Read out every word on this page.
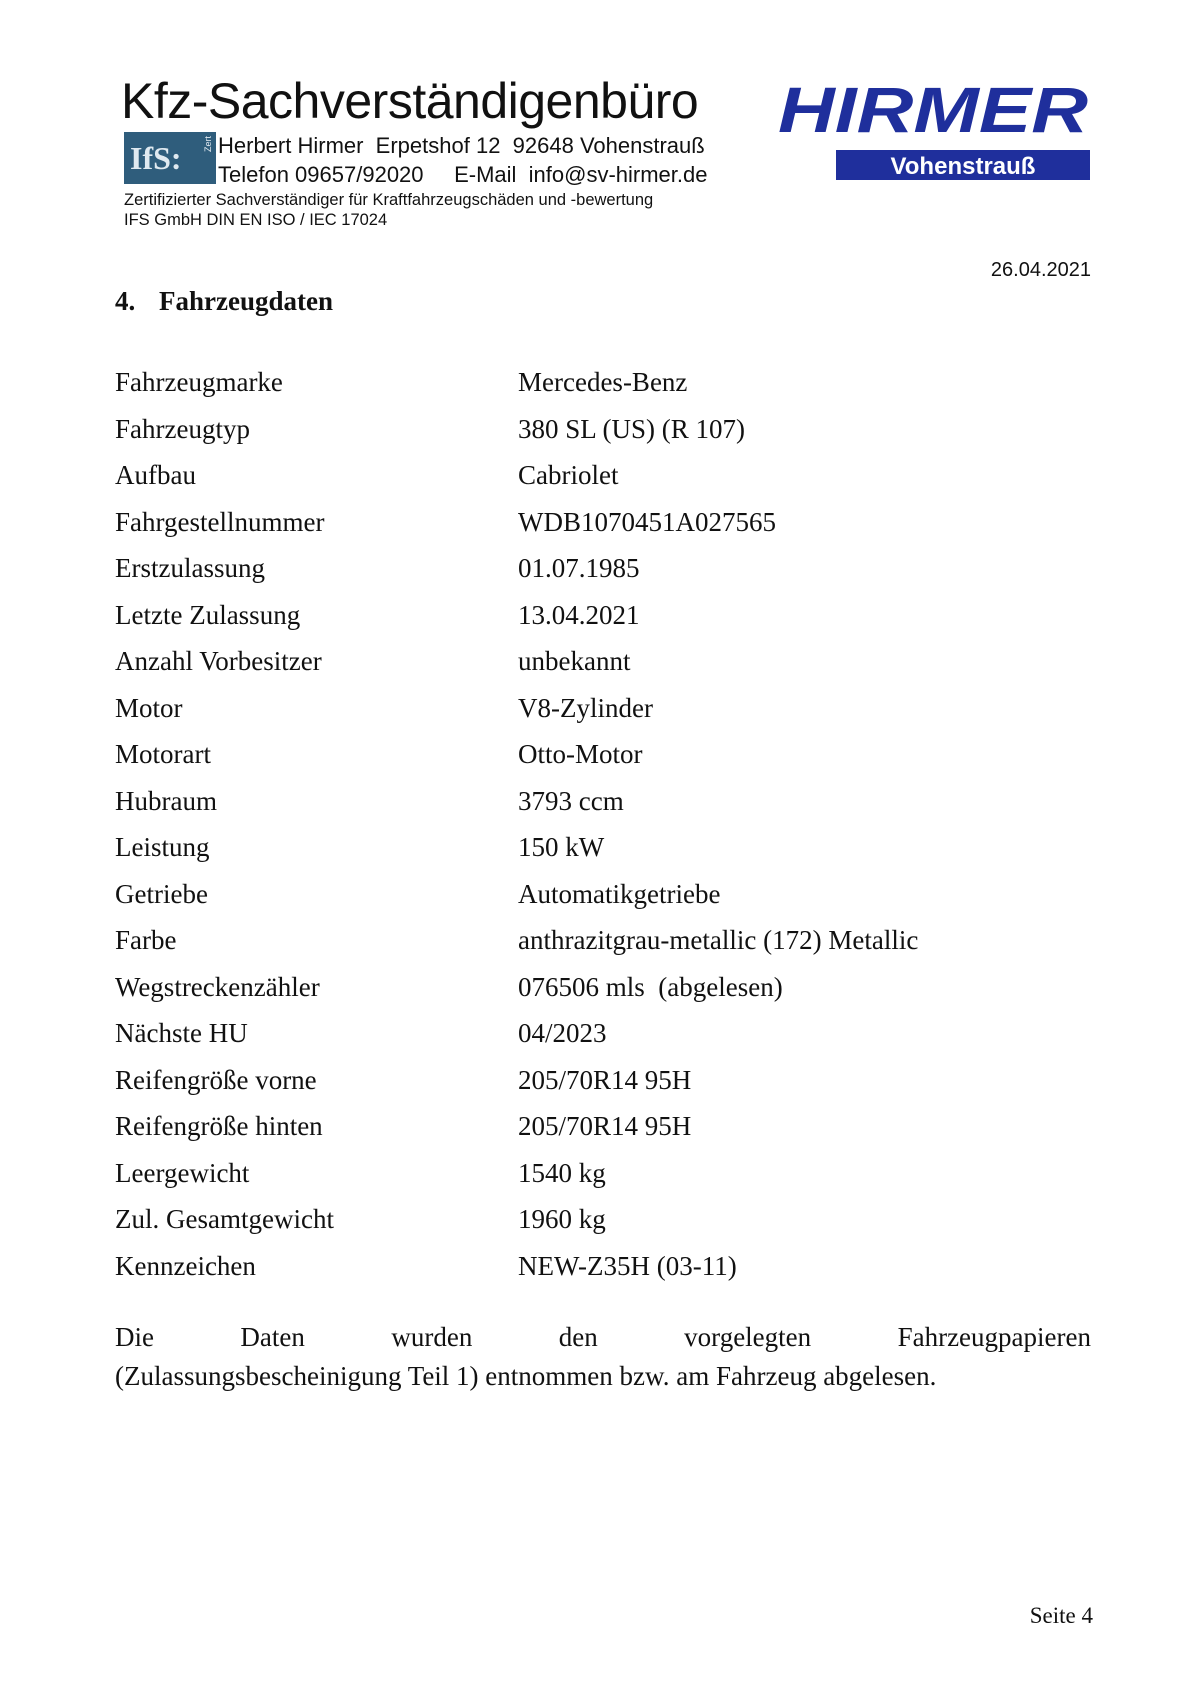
Kfz-Sachverständigenbüro
IfS: Zert Herbert Hirmer  Erpetshof 12  92648 Vohenstrauß
Telefon 09657/92020     E-Mail  info@sv-hirmer.de
Zertifizierter Sachverständiger für Kraftfahrzeugschäden und -bewertung
IFS GmbH DIN EN ISO / IEC 17024
HIRMER
Vohenstrauß
26.04.2021
4. Fahrzeugdaten
Fahrzeugmarke	Mercedes-Benz
Fahrzeugtyp	380 SL (US) (R 107)
Aufbau	Cabriolet
Fahrgestellnummer	WDB1070451A027565
Erstzulassung	01.07.1985
Letzte Zulassung	13.04.2021
Anzahl Vorbesitzer	unbekannt
Motor	V8-Zylinder
Motorart	Otto-Motor
Hubraum	3793 ccm
Leistung	150 kW
Getriebe	Automatikgetriebe
Farbe	anthrazitgrau-metallic (172) Metallic
Wegstreckenzähler	076506 mls  (abgelesen)
Nächste HU	04/2023
Reifengröße vorne	205/70R14 95H
Reifengröße hinten	205/70R14 95H
Leergewicht	1540 kg
Zul. Gesamtgewicht	1960 kg
Kennzeichen	NEW-Z35H (03-11)
Die Daten wurden den vorgelegten Fahrzeugpapieren
(Zulassungsbescheinigung Teil 1) entnommen bzw. am Fahrzeug abgelesen.
Seite 4
